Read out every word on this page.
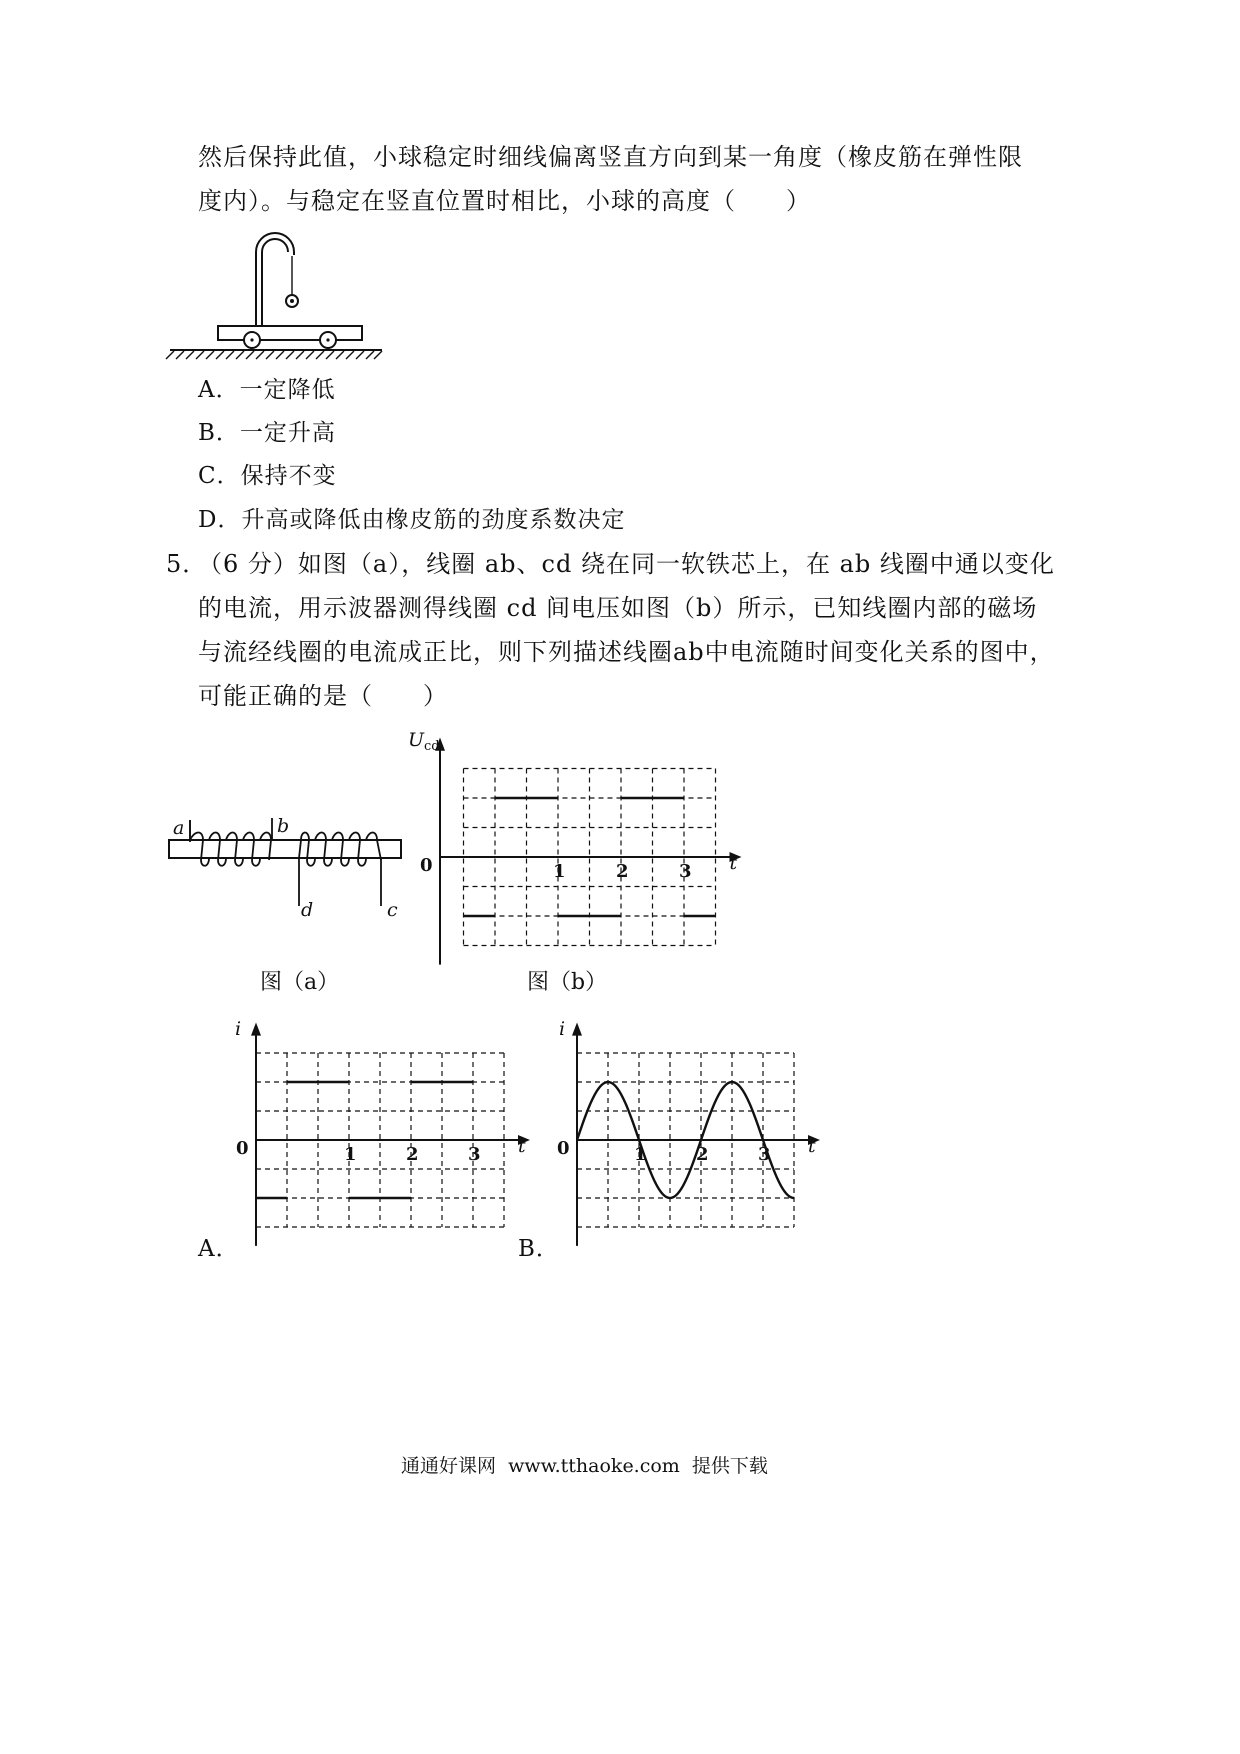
然后保持此值，小球稳定时细线偏离竖直方向到某一角度（橡皮筋在弹性限
度内）。与稳定在竖直位置时相比，小球的高度（　　）
A．一定降低
B．一定升高
C．保持不变
D．升高或降低由橡皮筋的劲度系数决定
5．
（6 分）如图（a），线圈 ab、cd 绕在同一软铁芯上，在 ab 线圈中通以变化
的电流，用示波器测得线圈 cd 间电压如图（b）所示，已知线圈内部的磁场
与流经线圈的电流成正比，则下列描述线圈ab中电流随时间变化关系的图中，
可能正确的是（　　）
a	b
d	c
图（a）
0	1	2	3 t
U cd
图（b）
0	1	2	3 t
i
A．
0	1	2	3 t
i
B．
通通好课网  www.tthaoke.com  提供下载
